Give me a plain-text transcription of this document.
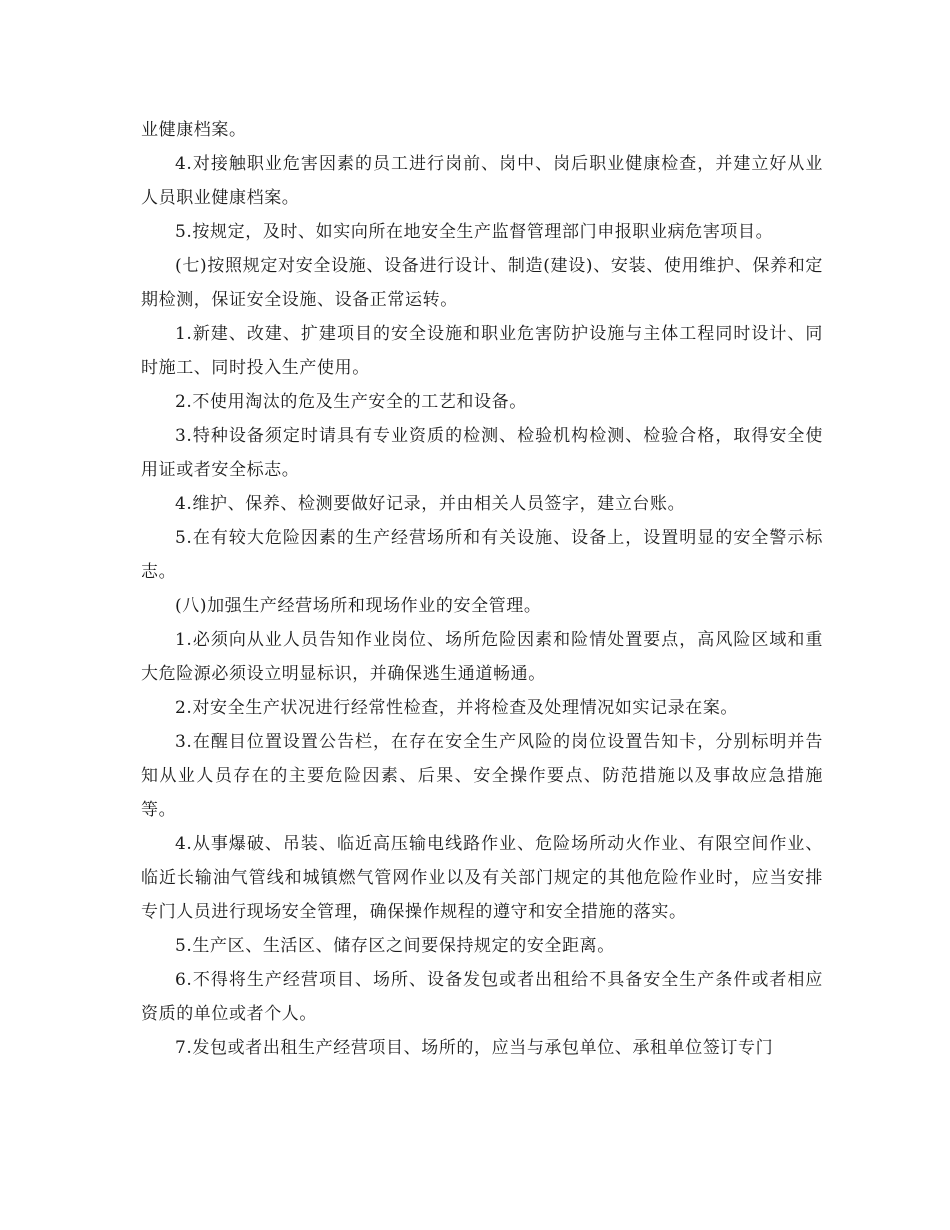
业健康档案。

4.对接触职业危害因素的员工进行岗前、岗中、岗后职业健康检查，并建立好从业人员职业健康档案。

5.按规定，及时、如实向所在地安全生产监督管理部门申报职业病危害项目。

(七)按照规定对安全设施、设备进行设计、制造(建设)、安装、使用维护、保养和定期检测，保证安全设施、设备正常运转。

1.新建、改建、扩建项目的安全设施和职业危害防护设施与主体工程同时设计、同时施工、同时投入生产使用。

2.不使用淘汰的危及生产安全的工艺和设备。

3.特种设备须定时请具有专业资质的检测、检验机构检测、检验合格，取得安全使用证或者安全标志。

4.维护、保养、检测要做好记录，并由相关人员签字，建立台账。

5.在有较大危险因素的生产经营场所和有关设施、设备上，设置明显的安全警示标志。

(八)加强生产经营场所和现场作业的安全管理。

1.必须向从业人员告知作业岗位、场所危险因素和险情处置要点，高风险区域和重大危险源必须设立明显标识，并确保逃生通道畅通。

2.对安全生产状况进行经常性检查，并将检查及处理情况如实记录在案。

3.在醒目位置设置公告栏，在存在安全生产风险的岗位设置告知卡，分别标明并告知从业人员存在的主要危险因素、后果、安全操作要点、防范措施以及事故应急措施等。

4.从事爆破、吊装、临近高压输电线路作业、危险场所动火作业、有限空间作业、临近长输油气管线和城镇燃气管网作业以及有关部门规定的其他危险作业时，应当安排专门人员进行现场安全管理，确保操作规程的遵守和安全措施的落实。

5.生产区、生活区、储存区之间要保持规定的安全距离。

6.不得将生产经营项目、场所、设备发包或者出租给不具备安全生产条件或者相应资质的单位或者个人。

7.发包或者出租生产经营项目、场所的，应当与承包单位、承租单位签订专门
